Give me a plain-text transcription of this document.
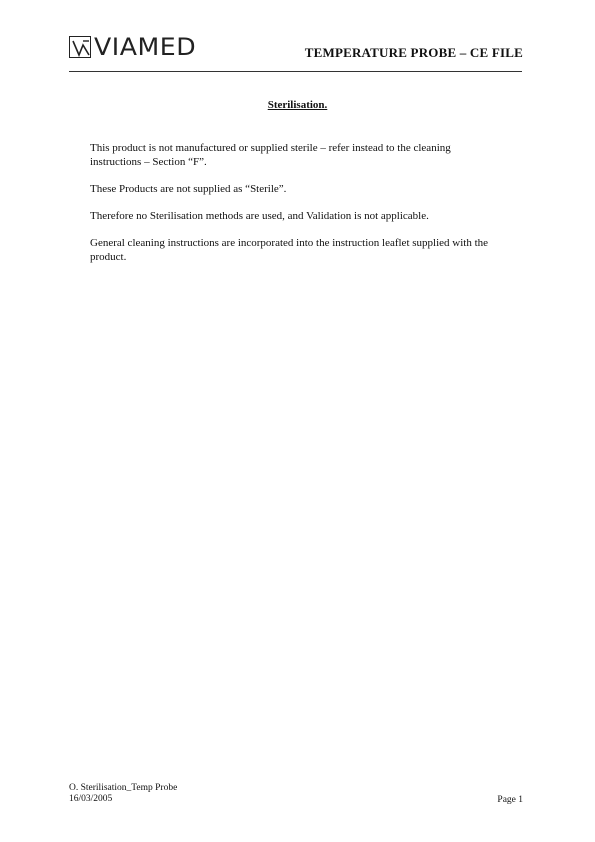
VIAMED	TEMPERATURE PROBE – CE FILE
Sterilisation.

This product is not manufactured or supplied sterile – refer instead to the cleaning instructions – Section “F”.

These Products are not supplied as “Sterile”.

Therefore no Sterilisation methods are used, and Validation is not applicable.

General cleaning instructions are incorporated into the instruction leaflet supplied with the product.

O. Sterilisation_Temp Probe
16/03/2005	Page 1
